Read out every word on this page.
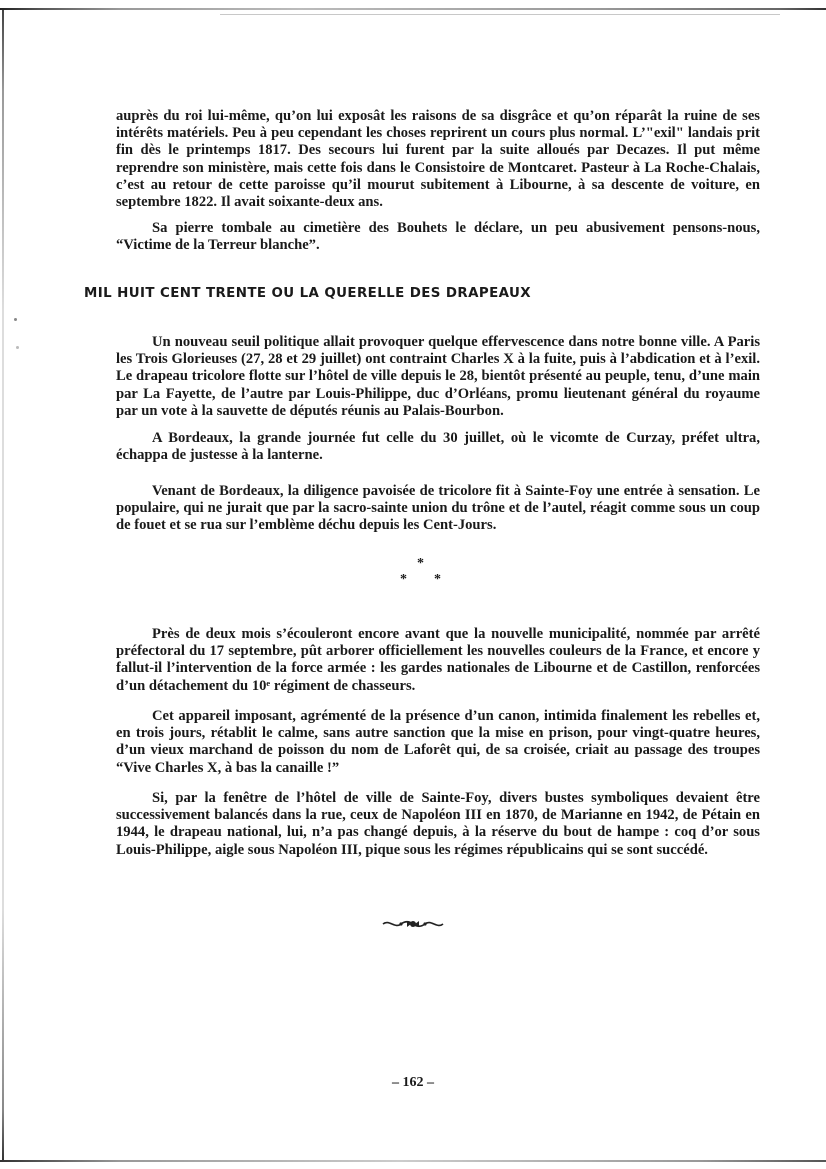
auprès du roi lui-même, qu’on lui exposât les raisons de sa disgrâce et qu’on réparât la ruine de ses intérêts matériels. Peu à peu cependant les choses reprirent un cours plus normal. L’"exil" landais prit fin dès le printemps 1817. Des secours lui furent par la suite alloués par Decazes. Il put même reprendre son ministère, mais cette fois dans le Consistoire de Montcaret. Pasteur à La Roche-Chalais, c’est au retour de cette paroisse qu’il mourut subitement à Libourne, à sa descente de voiture, en septembre 1822. Il avait soixante-deux ans.

Sa pierre tombale au cimetière des Bouhets le déclare, un peu abusivement pensons-nous, “Victime de la Terreur blanche”.

MIL HUIT CENT TRENTE OU LA QUERELLE DES DRAPEAUX

Un nouveau seuil politique allait provoquer quelque effervescence dans notre bonne ville. A Paris les Trois Glorieuses (27, 28 et 29 juillet) ont contraint Charles X à la fuite, puis à l’abdication et à l’exil. Le drapeau tricolore flotte sur l’hôtel de ville depuis le 28, bientôt présenté au peuple, tenu, d’une main par La Fayette, de l’autre par Louis-Philippe, duc d’Orléans, promu lieutenant général du royaume par un vote à la sauvette de députés réunis au Palais-Bourbon.

A Bordeaux, la grande journée fut celle du 30 juillet, où le vicomte de Curzay, préfet ultra, échappa de justesse à la lanterne.

Venant de Bordeaux, la diligence pavoisée de tricolore fit à Sainte-Foy une entrée à sensation. Le populaire, qui ne jurait que par la sacro-sainte union du trône et de l’autel, réagit comme sous un coup de fouet et se rua sur l’emblème déchu depuis les Cent-Jours.

*
* *

Près de deux mois s’écouleront encore avant que la nouvelle municipalité, nommée par arrêté préfectoral du 17 septembre, pût arborer officiellement les nouvelles couleurs de la France, et encore y fallut-il l’intervention de la force armée : les gardes nationales de Libourne et de Castillon, renforcées d’un détachement du 10ᵉ régiment de chasseurs.

Cet appareil imposant, agrémenté de la présence d’un canon, intimida finalement les rebelles et, en trois jours, rétablit le calme, sans autre sanction que la mise en prison, pour vingt-quatre heures, d’un vieux marchand de poisson du nom de Laforêt qui, de sa croisée, criait au passage des troupes “Vive Charles X, à bas la canaille !”

Si, par la fenêtre de l’hôtel de ville de Sainte-Foy, divers bustes symboliques devaient être successivement balancés dans la rue, ceux de Napoléon III en 1870, de Marianne en 1942, de Pétain en 1944, le drapeau national, lui, n’a pas changé depuis, à la réserve du bout de hampe : coq d’or sous Louis-Philippe, aigle sous Napoléon III, pique sous les régimes républicains qui se sont succédé.

– 162 –
